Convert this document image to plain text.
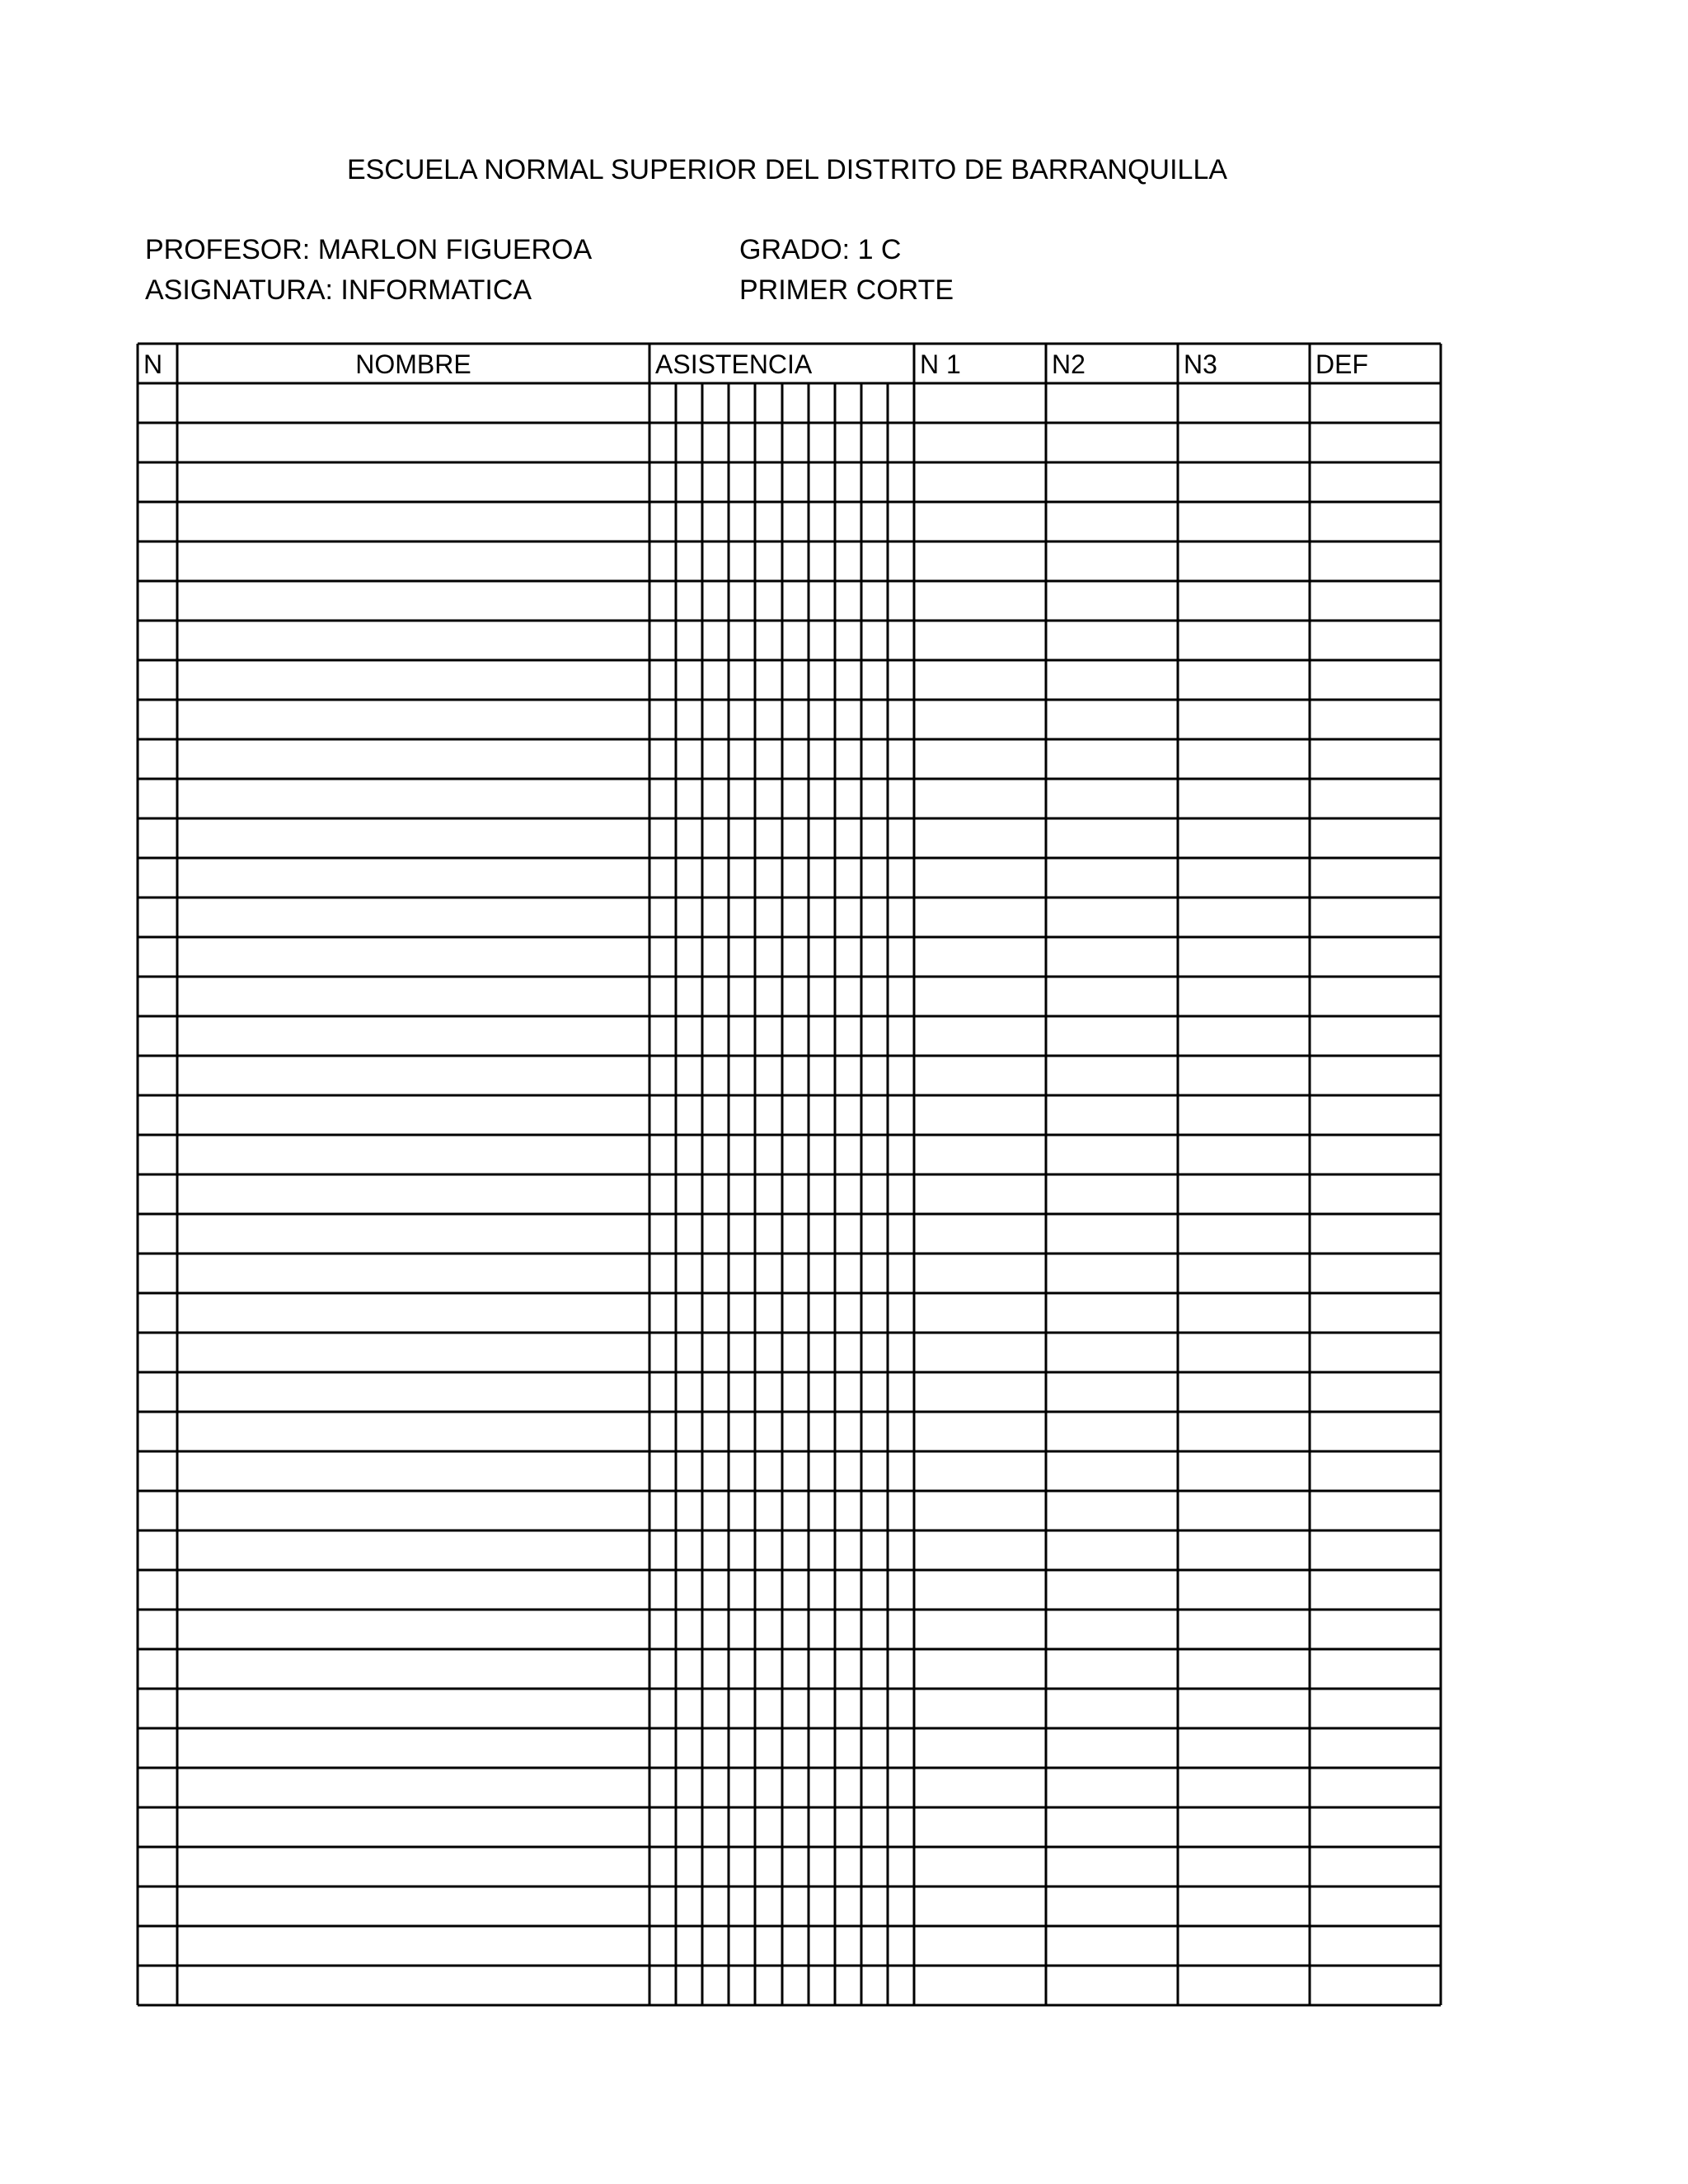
ESCUELA NORMAL SUPERIOR DEL DISTRITO DE BARRANQUILLA
PROFESOR: MARLON FIGUEROA
ASIGNATURA: INFORMATICA
GRADO: 1 C
PRIMER CORTE
N	NOMBRE	ASISTENCIA	N 1	N2	N3	DEF
